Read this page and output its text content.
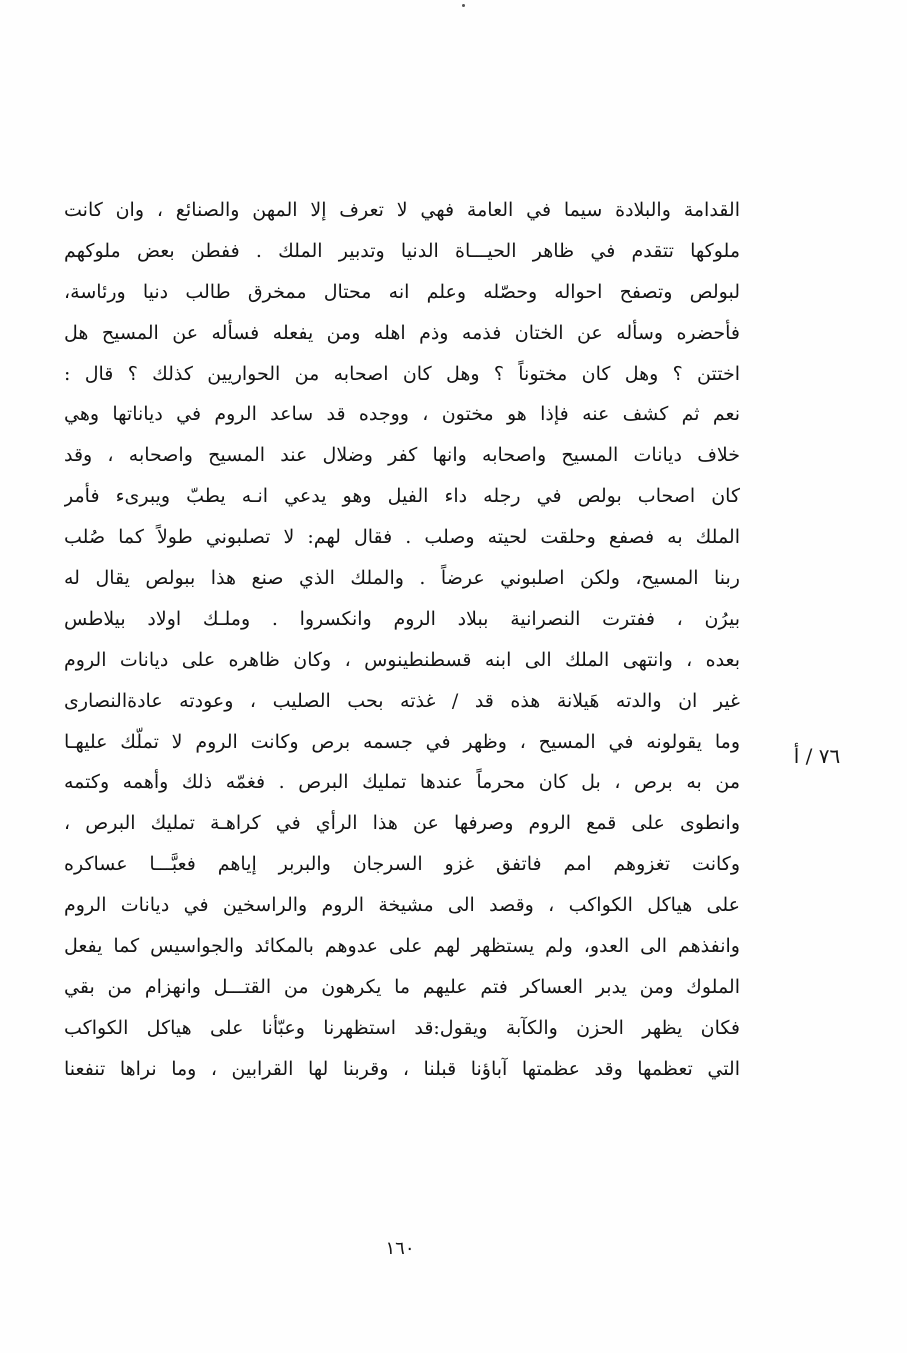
القدامة والبلادة سيما في العامة فهي لا تعرف إلا المهن والصنائع ، وان كانت
ملوكها تتقدم في ظاهر الحيـــاة الدنيا وتدبير الملك . ففطن بعض ملوكهم
لبولص وتصفح احواله وحصّله وعلم انه محتال ممخرق طالب دنيا ورئاسة،
فأحضره وسأله عن الختان فذمه وذم اهله ومن يفعله فسأله عن المسيح هل
اختتن ؟ وهل كان مختوناً ؟ وهل كان اصحابه من الحواريين كذلك ؟ قال :
نعم ثم كشف عنه فإذا هو مختون ، ووجده قد ساعد الروم في دياناتها وهي
خلاف ديانات المسيح واصحابه وانها كفر وضلال عند المسيح واصحابه ، وقد
كان اصحاب بولص في رجله داء الفيل وهو يدعي انـه يطبّ ويبرىء فأمر
الملك به فصفع وحلقت لحيته وصلب . فقال لهم: لا تصلبوني طولاً كما صُلب
ربنا المسيح، ولكن اصلبوني عرضاً . والملك الذي صنع هذا ببولص يقال له
بيرُن ، ففترت النصرانية ببلاد الروم وانكسروا . وملـك اولاد بيلاطس
بعده ، وانتهى الملك الى ابنه قسطنطينوس ، وكان ظاهره على ديانات الروم
غير ان والدته هَيلانة هذه قد / غذته بحب الصليب ، وعودته عادةالنصارى
وما يقولونه في المسيح ، وظهر في جسمه برص وكانت الروم لا تملّك عليهـا
من به برص ، بل كان محرماً عندها تمليك البرص . فغمّه ذلك وأهمه وكتمه
وانطوى على قمع الروم وصرفها عن هذا الرأي في كراهـة تمليك البرص ،
وكانت تغزوهم امم فاتفق غزو السرجان والبربر إياهم فعبَّـــا عساكره
على هياكل الكواكب ، وقصد الى مشيخة الروم والراسخين في ديانات الروم
وانفذهم الى العدو، ولم يستظهر لهم على عدوهم بالمكائد والجواسيس كما يفعل
الملوك ومن يدبر العساكر فتم عليهم ما يكرهون من القتـــل وانهزام من بقي
فكان يظهر الحزن والكآبة ويقول:قد استظهرنا وعبّأنا على هياكل الكواكب
التي تعظمها وقد عظمتها آباؤنا قبلنا ، وقربنا لها القرابين ، وما نراها تنفعنا
٧٦ / أ
١٦٠
